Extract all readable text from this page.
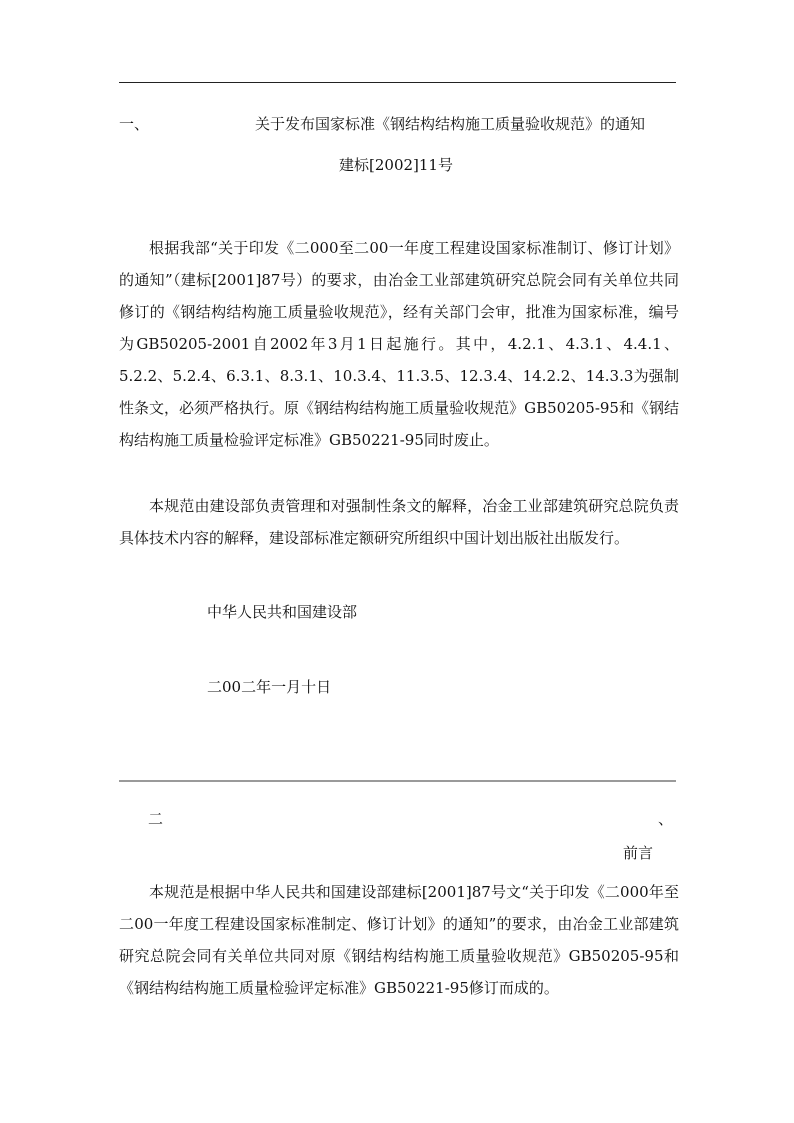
一、	关于发布国家标准《钢结构结构施工质量验收规范》的通知
建标[2002]11号

根据我部“关于印发《二000至二00一年度工程建设国家标准制订、修订计划》的通知”（建标[2001]87号）的要求，由冶金工业部建筑研究总院会同有关单位共同修订的《钢结构结构施工质量验收规范》，经有关部门会审，批准为国家标准，编号为GB50205-2001自2002年3月1日起施行。其中，4.2.1、4.3.1、4.4.1、5.2.2、5.2.4、6.3.1、8.3.1、10.3.4、11.3.5、12.3.4、14.2.2、14.3.3为强制性条文，必须严格执行。原《钢结构结构施工质量验收规范》GB50205-95和《钢结构结构施工质量检验评定标准》GB50221-95同时废止。

本规范由建设部负责管理和对强制性条文的解释，冶金工业部建筑研究总院负责具体技术内容的解释，建设部标准定额研究所组织中国计划出版社出版发行。

中华人民共和国建设部
二00二年一月十日
二	、
前言

本规范是根据中华人民共和国建设部建标[2001]87号文“关于印发《二000年至二00一年度工程建设国家标准制定、修订计划》的通知”的要求，由冶金工业部建筑研究总院会同有关单位共同对原《钢结构结构施工质量验收规范》GB50205-95和《钢结构结构施工质量检验评定标准》GB50221-95修订而成的。
